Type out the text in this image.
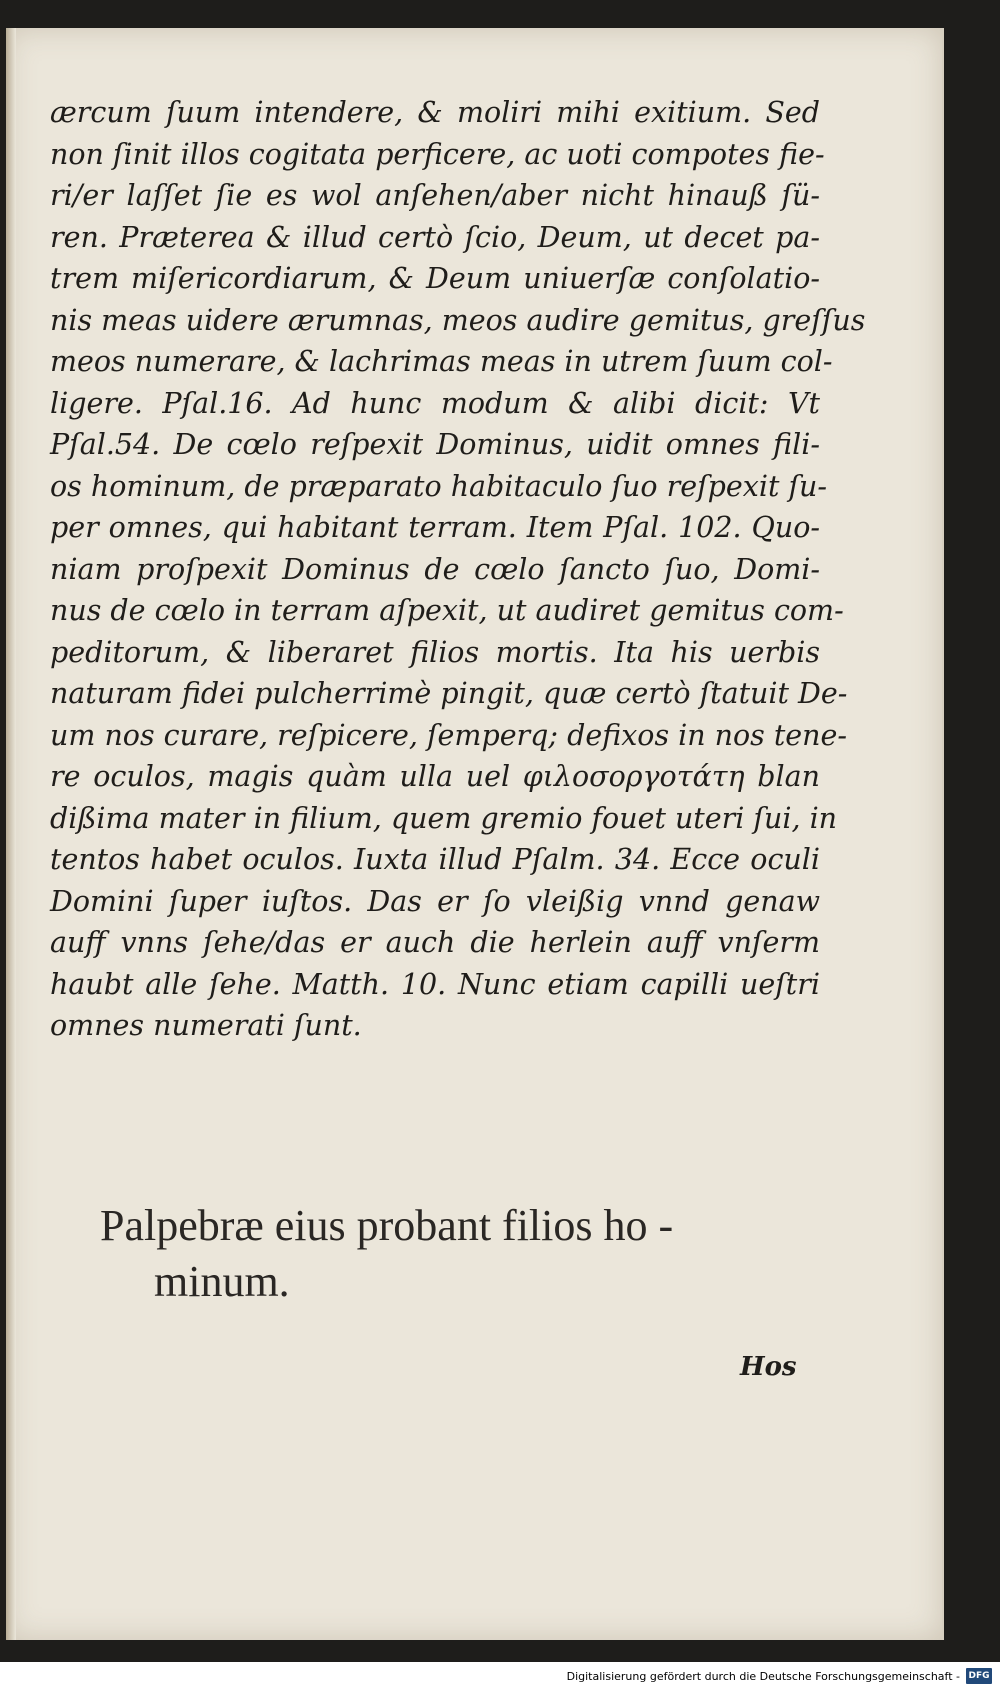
ærcum ſuum intendere, & moliri mihi exitium. Sed
non ſinit illos cogitata perficere, ac uoti compotes fie-
ri/er laſſet ſie es wol anſehen/aber nicht hinauß ſü-
ren. Præterea & illud certò ſcio, Deum, ut decet pa-
trem miſericordiarum, & Deum uniuerſæ conſolatio-
nis meas uidere ærumnas, meos audire gemitus, greſſus
meos numerare, & lachrimas meas in utrem ſuum col-
ligere. Pſal.16. Ad hunc modum & alibi dicit: Vt
Pſal.54. De cœlo reſpexit Dominus, uidit omnes fili-
os hominum, de præparato habitaculo ſuo reſpexit ſu-
per omnes, qui habitant terram. Item Pſal. 102. Quo-
niam proſpexit Dominus de cœlo ſancto ſuo, Domi-
nus de cœlo in terram aſpexit, ut audiret gemitus com-
peditorum, & liberaret filios mortis. Ita his uerbis
naturam fidei pulcherrimè pingit, quæ certò ſtatuit De-
um nos curare, reſpicere, ſemperq; defixos in nos tene-
re oculos, magis quàm ulla uel φιλοσοργοτάτη blan
dißima mater in filium, quem gremio fouet uteri ſui, in
tentos habet oculos. Iuxta illud Pſalm. 34. Ecce oculi
Domini ſuper iuſtos. Das er ſo vleißig vnnd genaw
auff vnns ſehe/das er auch die herlein auff vnſerm
haubt alle ſehe. Matth. 10. Nunc etiam capilli ueſtri
omnes numerati ſunt.
Palpebræ eius probant filios ho -
minum.
Hos
Digitalisierung gefördert durch die Deutsche Forschungsgemeinschaft - DFG
